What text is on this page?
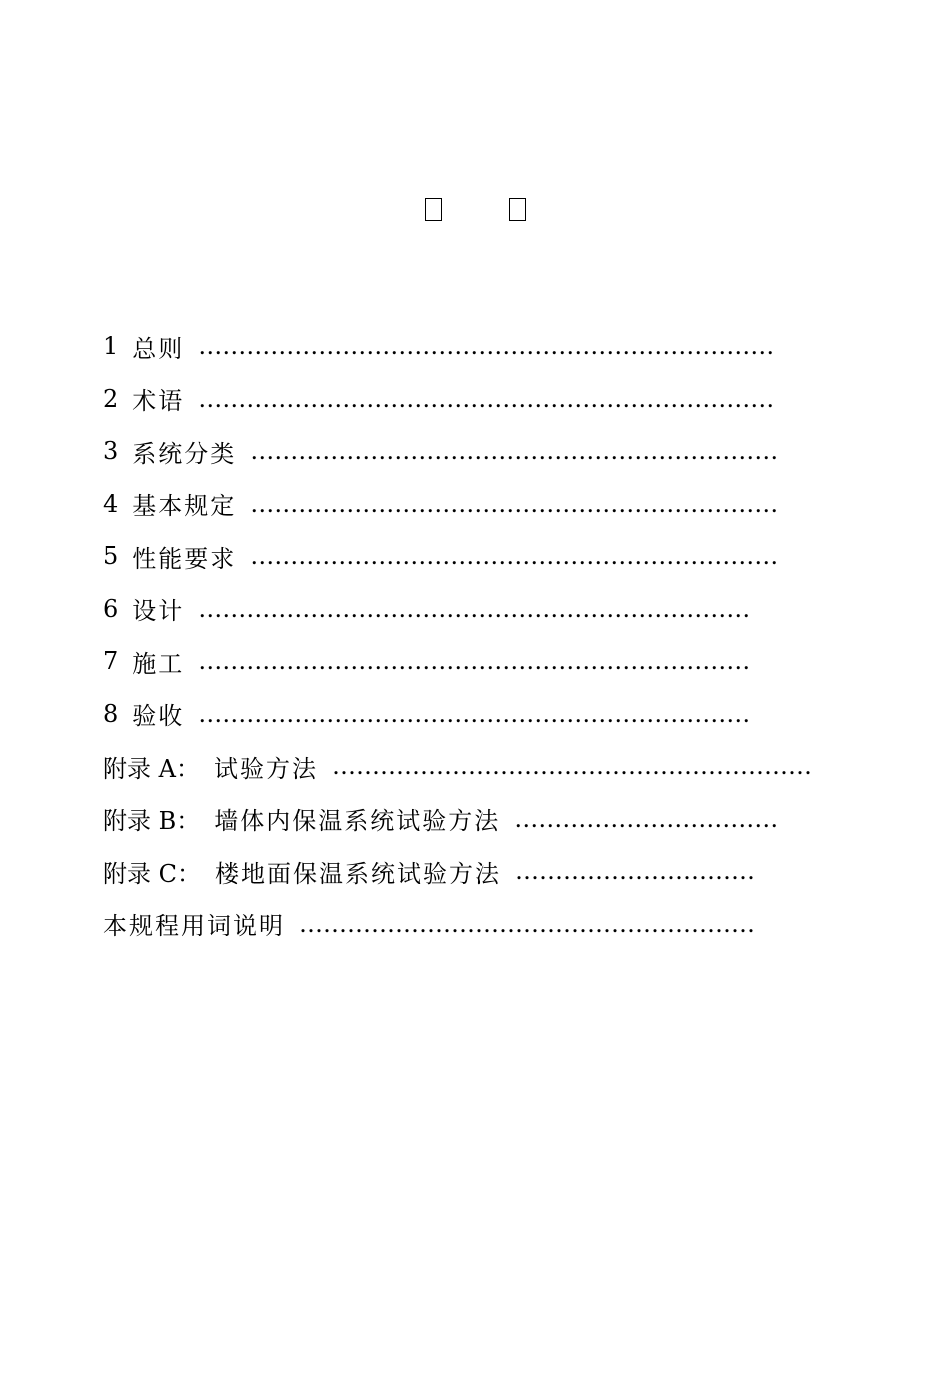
1 总则 ………………………………………………………………
2 术语 ………………………………………………………………
3 系统分类 …………………………………………………………
4 基本规定 …………………………………………………………
5 性能要求 …………………………………………………………
6 设计 ……………………………………………………………
7 施工 ……………………………………………………………
8 验收 ……………………………………………………………
附录 A： 试验方法 ……………………………………………………
附录 B： 墙体内保温系统试验方法 ……………………………
附录 C： 楼地面保温系统试验方法 …………………………
本规程用词说明 …………………………………………………
